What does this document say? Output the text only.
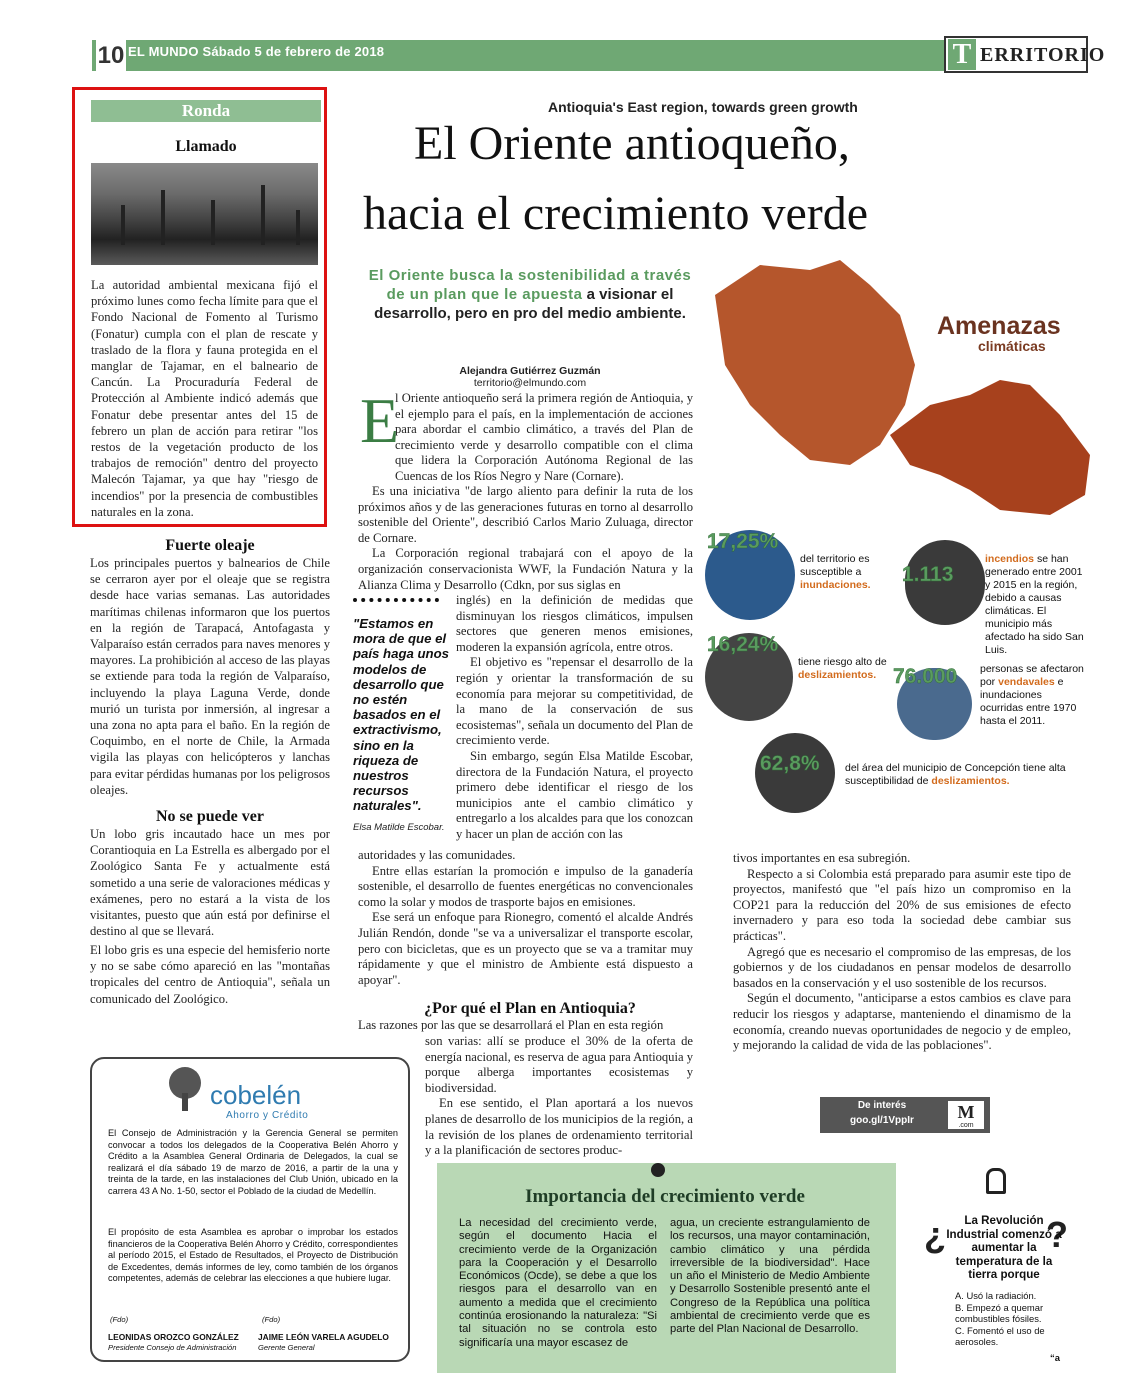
10 EL MUNDO Sábado 5 de febrero de 2018	T ERRITORIO
Ronda
Llamado
La autoridad ambiental mexicana fijó el próximo lunes como fecha límite para que el Fondo Nacional de Fomento al Turismo (Fonatur) cumpla con el plan de rescate y traslado de la flora y fauna protegida en el manglar de Tajamar, en el balneario de Cancún. La Procuraduría Federal de Protección al Ambiente indicó además que Fonatur debe presentar antes del 15 de febrero un plan de acción para retirar "los restos de la vegetación producto de los trabajos de remoción" dentro del proyecto Malecón Tajamar, ya que hay "riesgo de incendios" por la presencia de combustibles naturales en la zona.
Fuerte oleaje
Los principales puertos y balnearios de Chile se cerraron ayer por el oleaje que se registra desde hace varias semanas. Las autoridades marítimas chilenas informaron que los puertos en la región de Tarapacá, Antofagasta y Valparaíso están cerrados para naves menores y mayores. La prohibición al acceso de las playas se extiende para toda la región de Valparaíso, incluyendo la playa Laguna Verde, donde murió un turista por inmersión, al ingresar a una zona no apta para el baño. En la región de Coquimbo, en el norte de Chile, la Armada vigila las playas con helicópteros y lanchas para evitar pérdidas humanas por los peligrosos oleajes.
No se puede ver
Un lobo gris incautado hace un mes por Corantioquia en La Estrella es albergado por el Zoológico Santa Fe y actualmente está sometido a una serie de valoraciones médicas y exámenes, pero no estará a la vista de los visitantes, puesto que aún está por definirse el destino al que se llevará.
El lobo gris es una especie del hemisferio norte y no se sabe cómo apareció en las "montañas tropicales del centro de Antioquia", señala un comunicado del Zoológico.
Antioquia's East region, towards green growth
El Oriente antioqueño,
hacia el crecimiento verde
El Oriente busca la sostenibilidad a través de un plan que le apuesta a visionar el desarrollo, pero en pro del medio ambiente.
Alejandra Gutiérrez Guzmán
territorio@elmundo.com
E
l Oriente antioqueño será la primera región de Antioquia, y el ejemplo para el país, en la implementación de acciones para abordar el cambio climático, a través del Plan de crecimiento verde y desarrollo compatible con el clima que lidera la Corporación Autónoma Regional de las Cuencas de los Ríos Negro y Nare (Cornare).

Es una iniciativa "de largo aliento para definir la ruta de los próximos años y de las generaciones futuras en torno al desarrollo sostenible del Oriente", describió Carlos Mario Zuluaga, director de Cornare.

La Corporación regional trabajará con el apoyo de la organización conservacionista WWF, la Fundación Natura y la Alianza Clima y Desarrollo (Cdkn, por sus siglas en

inglés) en la definición de medidas que disminuyan los riesgos climáticos, impulsen sectores que generen menos emisiones, moderen la expansión agrícola, entre otros.

El objetivo es "repensar el desarrollo de la región y orientar la transformación de su economía para mejorar su competitividad, de la mano de la conservación de sus ecosistemas", señala un documento del Plan de crecimiento verde.

Sin embargo, según Elsa Matilde Escobar, directora de la Fundación Natura, el proyecto primero debe identificar el riesgo de los municipios ante el cambio climático y entregarlo a los alcaldes para que los conozcan y hacer un plan de acción con las

autoridades y las comunidades.

Entre ellas estarían la promoción e impulso de la ganadería sostenible, el desarrollo de fuentes energéticas no convencionales como la solar y modos de trasporte bajos en emisiones.

Ese será un enfoque para Rionegro, comentó el alcalde Andrés Julián Rendón, donde "se va a universalizar el transporte escolar, pero con bicicletas, que es un proyecto que se va a tramitar muy rápidamente y que el ministro de Ambiente está dispuesto a apoyar".

"Estamos en mora de que el país haga unos modelos de desarrollo que no estén basados en el extractivismo, sino en la riqueza de nuestros recursos naturales".
Elsa Matilde Escobar.
¿Por qué el Plan en Antioquia?
Las razones por las que se desarrollará el Plan en esta región

son varias: allí se produce el 30% de la oferta de energía nacional, es reserva de agua para Antioquia y porque alberga importantes ecosistemas y biodiversidad.

En ese sentido, el Plan aportará a los nuevos planes de desarrollo de los municipios de la región, a la revisión de los planes de ordenamiento territorial y a la planificación de sectores produc-

tivos importantes en esa subregión.

Respecto a si Colombia está preparado para asumir este tipo de proyectos, manifestó que "el país hizo un compromiso en la COP21 para la reducción del 20% de sus emisiones de efecto invernadero y para eso toda la sociedad debe cambiar sus prácticas".

Agregó que es necesario el compromiso de las empresas, de los gobiernos y de los ciudadanos en pensar modelos de desarrollo basados en la conservación y el uso sostenible de los recursos.

Según el documento, "anticiparse a estos cambios es clave para reducir los riesgos y adaptarse, manteniendo el dinamismo de la economía, creando nuevas oportunidades de negocio y de empleo, y mejorando la calidad de vida de las poblaciones".

Amenazas
climáticas
17,25%
del territorio es susceptible a inundaciones.	1.113
incendios se han generado entre 2001 y 2015 en la región, debido a causas climáticas. El municipio más afectado ha sido San Luis.
16,24%
tiene riesgo alto de deslizamientos. 76.000 personas se afectaron por vendavales e inundaciones ocurridas entre 1970 hasta el 2011.
62,8% del área del municipio de Concepción tiene alta susceptibilidad de deslizamientos.
De interés
goo.gl/1VppIr	M
.com
cobelén
Ahorro y Crédito
El Consejo de Administración y la Gerencia General se permiten convocar a todos los delegados de la Cooperativa Belén Ahorro y Crédito a la Asamblea General Ordinaria de Delegados, la cual se realizará el día sábado 19 de marzo de 2016, a partir de la una y treinta de la tarde, en las instalaciones del Club Unión, ubicado en la carrera 43 A No. 1-50, sector el Poblado de la ciudad de Medellín.
El propósito de esta Asamblea es aprobar o improbar los estados financieros de la Cooperativa Belén Ahorro y Crédito, correspondientes al período 2015, el Estado de Resultados, el Proyecto de Distribución de Excedentes, demás informes de ley, como también de los órganos competentes, además de celebrar las elecciones a que hubiere lugar.
(Fdo)	(Fdo)
LEONIDAS OROZCO GONZÁLEZ
Presidente Consejo de Administración
JAIME LEÓN VARELA AGUDELO
Gerente General
Importancia del crecimiento verde
La necesidad del crecimiento verde, según el documento Hacia el crecimiento verde de la Organización para la Cooperación y el Desarrollo Económicos (Ocde), se debe a que los riesgos para el desarrollo van en aumento a medida que el crecimiento continúa erosionando la naturaleza: "Si tal situación no se controla esto significaría una mayor escasez de
agua, un creciente estrangulamiento de los recursos, una mayor contaminación, cambio climático y una pérdida irreversible de la biodiversidad". Hace un año el Ministerio de Medio Ambiente y Desarrollo Sostenible presentó ante el Congreso de la República una política ambiental de crecimiento verde que es parte del Plan Nacional de Desarrollo.
¿	?
La Revolución Industrial comenzó a aumentar la temperatura de la tierra porque
A. Usó la radiación.
B. Empezó a quemar combustibles fósiles.
C. Fomentó el uso de aerosoles.
“a
